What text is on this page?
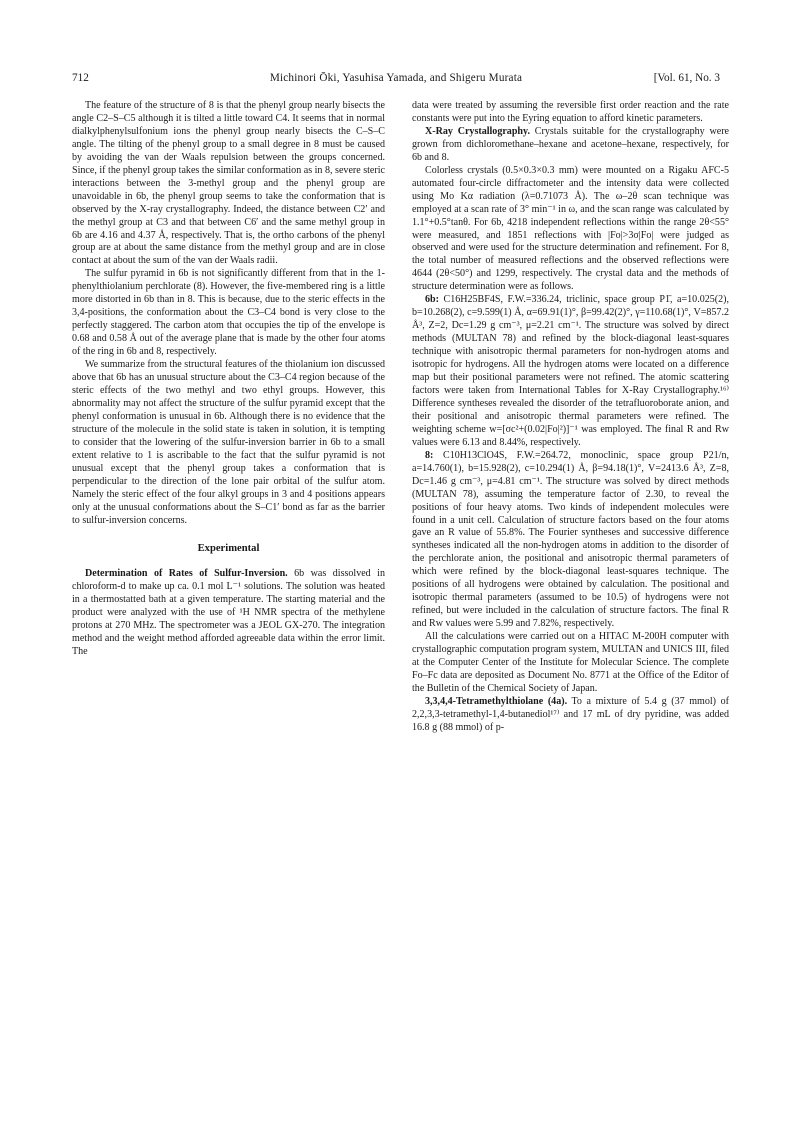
712	Michinori Ōki, Yasuhisa Yamada, and Shigeru Murata	[Vol. 61, No. 3

The feature of the structure of 8 is that the phenyl group nearly bisects the angle C2–S–C5 although it is tilted a little toward C4. It seems that in normal dialkylphenylsulfonium ions the phenyl group nearly bisects the C–S–C angle. The tilting of the phenyl group to a small degree in 8 must be caused by avoiding the van der Waals repulsion between the groups concerned. Since, if the phenyl group takes the similar conformation as in 8, severe steric interactions between the 3-methyl group and the phenyl group are unavoidable in 6b, the phenyl group seems to take the conformation that is observed by the X-ray crystallography. Indeed, the distance between C2′ and the methyl group at C3 and that between C6′ and the same methyl group in 6b are 4.16 and 4.37 Å, respectively. That is, the ortho carbons of the phenyl group are at about the same distance from the methyl group and are in close contact at about the sum of the van der Waals radii.

The sulfur pyramid in 6b is not significantly different from that in the 1-phenylthiolanium perchlorate (8). However, the five-membered ring is a little more distorted in 6b than in 8. This is because, due to the steric effects in the 3,4-positions, the conformation about the C3–C4 bond is very close to the perfectly staggered. The carbon atom that occupies the tip of the envelope is 0.68 and 0.58 Å out of the average plane that is made by the other four atoms of the ring in 6b and 8, respectively.

We summarize from the structural features of the thiolanium ion discussed above that 6b has an unusual structure about the C3–C4 region because of the steric effects of the two methyl and two ethyl groups. However, this abnormality may not affect the structure of the sulfur pyramid except that the phenyl conformation is unusual in 6b. Although there is no evidence that the structure of the molecule in the solid state is taken in solution, it is tempting to consider that the lowering of the sulfur-inversion barrier in 6b to a small extent relative to 1 is ascribable to the fact that the sulfur pyramid is not unusual except that the phenyl group takes a conformation that is perpendicular to the direction of the lone pair orbital of the sulfur atom. Namely the steric effect of the four alkyl groups in 3 and 4 positions appears only at the unusual conformations about the S–C1′ bond as far as the barrier to sulfur-inversion concerns.

Experimental

Determination of Rates of Sulfur-Inversion. 6b was dissolved in chloroform-d to make up ca. 0.1 mol L⁻¹ solutions. The solution was heated in a thermostatted bath at a given temperature. The starting material and the product were analyzed with the use of ¹H NMR spectra of the methylene protons at 270 MHz. The spectrometer was a JEOL GX-270. The integration method and the weight method afforded agreeable data within the error limit. The

data were treated by assuming the reversible first order reaction and the rate constants were put into the Eyring equation to afford kinetic parameters.

X-Ray Crystallography. Crystals suitable for the crystallography were grown from dichloromethane–hexane and acetone–hexane, respectively, for 6b and 8.

Colorless crystals (0.5×0.3×0.3 mm) were mounted on a Rigaku AFC-5 automated four-circle diffractometer and the intensity data were collected using Mo Kα radiation (λ=0.71073 Å). The ω–2θ scan technique was employed at a scan rate of 3° min⁻¹ in ω, and the scan range was calculated by 1.1°+0.5°tanθ. For 6b, 4218 independent reflections within the range 2θ<55° were measured, and 1851 reflections with |Fo|>3σ|Fo| were judged as observed and were used for the structure determination and refinement. For 8, the total number of measured reflections and the observed reflections were 4644 (2θ<50°) and 1299, respectively. The crystal data and the methods of structure determination were as follows.

6b: C16H25BF4S, F.W.=336.24, triclinic, space group P1̄, a=10.025(2), b=10.268(2), c=9.599(1) Å, α=69.91(1)°, β=99.42(2)°, γ=110.68(1)°, V=857.2 Å³, Z=2, Dc=1.29 g cm⁻³, μ=2.21 cm⁻¹. The structure was solved by direct methods (MULTAN 78) and refined by the block-diagonal least-squares technique with anisotropic thermal parameters for non-hydrogen atoms and isotropic for hydrogens. All the hydrogen atoms were located on a difference map but their positional parameters were not refined. The atomic scattering factors were taken from International Tables for X-Ray Crystallography.¹⁶⁾ Difference syntheses revealed the disorder of the tetrafluoroborate anion, and their positional and anisotropic thermal parameters were refined. The weighting scheme w=[σc²+(0.02|Fo|²)]⁻¹ was employed. The final R and Rw values were 6.13 and 8.44%, respectively.

8: C10H13ClO4S, F.W.=264.72, monoclinic, space group P21/n, a=14.760(1), b=15.928(2), c=10.294(1) Å, β=94.18(1)°, V=2413.6 Å³, Z=8, Dc=1.46 g cm⁻³, μ=4.81 cm⁻¹. The structure was solved by direct methods (MULTAN 78), assuming the temperature factor of 2.30, to reveal the positions of four heavy atoms. Two kinds of independent molecules were found in a unit cell. Calculation of structure factors based on the four atoms gave an R value of 55.8%. The Fourier syntheses and successive difference syntheses indicated all the non-hydrogen atoms in addition to the disorder of the perchlorate anion, the positional and anisotropic thermal parameters of which were refined by the block-diagonal least-squares technique. The positions of all hydrogens were obtained by calculation. The positional and isotropic thermal parameters (assumed to be 10.5) of hydrogens were not refined, but were included in the calculation of structure factors. The final R and Rw values were 5.99 and 7.82%, respectively.

All the calculations were carried out on a HITAC M-200H computer with crystallographic computation program system, MULTAN and UNICS III, filed at the Computer Center of the Institute for Molecular Science. The complete Fo–Fc data are deposited as Document No. 8771 at the Office of the Editor of the Bulletin of the Chemical Society of Japan.

3,3,4,4-Tetramethylthiolane (4a). To a mixture of 5.4 g (37 mmol) of 2,2,3,3-tetramethyl-1,4-butanediol¹⁷⁾ and 17 mL of dry pyridine, was added 16.8 g (88 mmol) of p-
